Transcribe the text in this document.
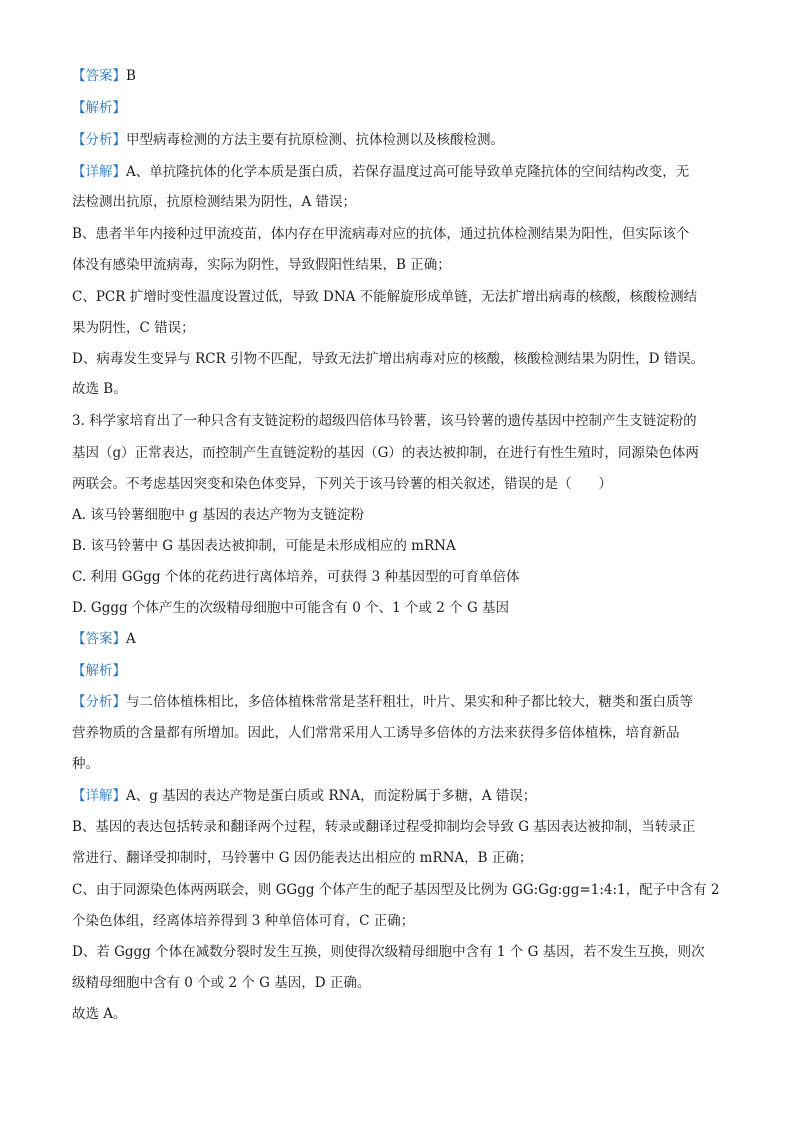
【答案】B
【解析】
【分析】甲型病毒检测的方法主要有抗原检测、抗体检测以及核酸检测。
【详解】A、单抗隆抗体的化学本质是蛋白质，若保存温度过高可能导致单克隆抗体的空间结构改变，无
法检测出抗原，抗原检测结果为阴性，A 错误；
B、患者半年内接种过甲流疫苗，体内存在甲流病毒对应的抗体，通过抗体检测结果为阳性，但实际该个
体没有感染甲流病毒，实际为阴性，导致假阳性结果，B 正确；
C、PCR 扩增时变性温度设置过低，导致 DNA 不能解旋形成单链，无法扩增出病毒的核酸，核酸检测结
果为阴性，C 错误；
D、病毒发生变异与 RCR 引物不匹配，导致无法扩增出病毒对应的核酸，核酸检测结果为阴性，D 错误。
故选 B。
3. 科学家培育出了一种只含有支链淀粉的超级四倍体马铃薯，该马铃薯的遗传基因中控制产生支链淀粉的
基因（g）正常表达，而控制产生直链淀粉的基因（G）的表达被抑制，在进行有性生殖时，同源染色体两
两联会。不考虑基因突变和染色体变异，下列关于该马铃薯的相关叙述，错误的是（　　）
A. 该马铃薯细胞中 g 基因的表达产物为支链淀粉
B. 该马铃薯中 G 基因表达被抑制，可能是未形成相应的 mRNA
C. 利用 GGgg 个体的花药进行离体培养，可获得 3 种基因型的可育单倍体
D. Gggg 个体产生的次级精母细胞中可能含有 0 个、1 个或 2 个 G 基因
【答案】A
【解析】
【分析】与二倍体植株相比，多倍体植株常常是茎秆粗壮，叶片、果实和种子都比较大，糖类和蛋白质等
营养物质的含量都有所增加。因此，人们常常采用人工诱导多倍体的方法来获得多倍体植株，培育新品
种。
【详解】A、g 基因的表达产物是蛋白质或 RNA，而淀粉属于多糖，A 错误；
B、基因的表达包括转录和翻译两个过程，转录或翻译过程受抑制均会导致 G 基因表达被抑制，当转录正
常进行、翻译受抑制时，马铃薯中 G 因仍能表达出相应的 mRNA，B 正确；
C、由于同源染色体两两联会，则 GGgg 个体产生的配子基因型及比例为 GG:Gg:gg=1:4:1，配子中含有 2
个染色体组，经离体培养得到 3 种单倍体可育，C 正确；
D、若 Gggg 个体在减数分裂时发生互换，则使得次级精母细胞中含有 1 个 G 基因，若不发生互换，则次
级精母细胞中含有 0 个或 2 个 G 基因，D 正确。
故选 A。
